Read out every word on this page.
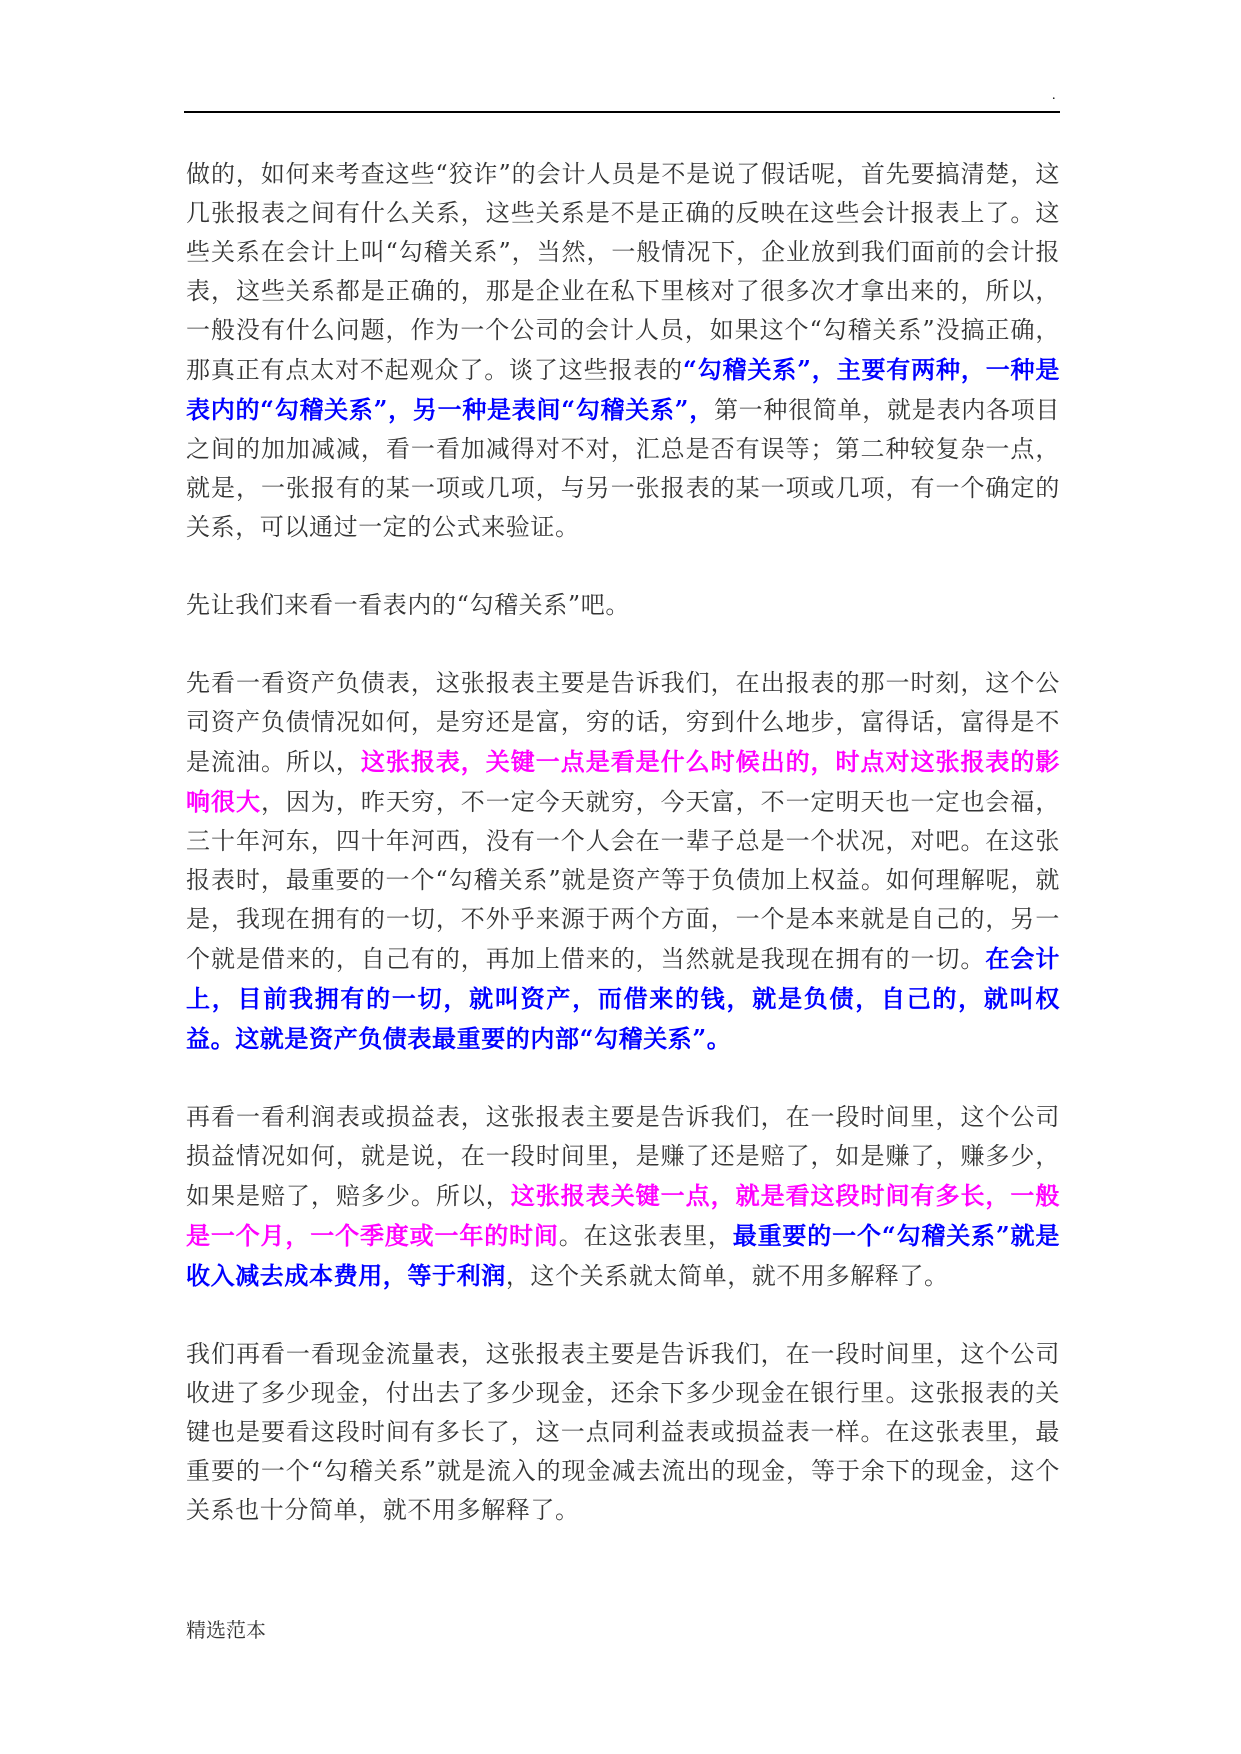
.

做的，如何来考查这些“狡诈”的会计人员是不是说了假话呢，首先要搞清楚，这几张报表之间有什么关系，这些关系是不是正确的反映在这些会计报表上了。这些关系在会计上叫“勾稽关系”，当然，一般情况下，企业放到我们面前的会计报表，这些关系都是正确的，那是企业在私下里核对了很多次才拿出来的，所以，一般没有什么问题，作为一个公司的会计人员，如果这个“勾稽关系”没搞正确，那真正有点太对不起观众了。谈了这些报表的“勾稽关系”，主要有两种，一种是表内的“勾稽关系”，另一种是表间“勾稽关系”，第一种很简单，就是表内各项目之间的加加减减，看一看加减得对不对，汇总是否有误等；第二种较复杂一点，就是，一张报有的某一项或几项，与另一张报表的某一项或几项，有一个确定的关系，可以通过一定的公式来验证。

先让我们来看一看表内的“勾稽关系”吧。

先看一看资产负债表，这张报表主要是告诉我们，在出报表的那一时刻，这个公司资产负债情况如何，是穷还是富，穷的话，穷到什么地步，富得话，富得是不是流油。所以，这张报表，关键一点是看是什么时候出的，时点对这张报表的影响很大，因为，昨天穷，不一定今天就穷，今天富，不一定明天也一定也会福，三十年河东，四十年河西，没有一个人会在一辈子总是一个状况，对吧。在这张报表时，最重要的一个“勾稽关系”就是资产等于负债加上权益。如何理解呢，就是，我现在拥有的一切，不外乎来源于两个方面，一个是本来就是自己的，另一个就是借来的，自己有的，再加上借来的，当然就是我现在拥有的一切。在会计上，目前我拥有的一切，就叫资产，而借来的钱，就是负债，自己的，就叫权益。这就是资产负债表最重要的内部“勾稽关系”。

再看一看利润表或损益表，这张报表主要是告诉我们，在一段时间里，这个公司损益情况如何，就是说，在一段时间里，是赚了还是赔了，如是赚了，赚多少，如果是赔了，赔多少。所以，这张报表关键一点，就是看这段时间有多长，一般是一个月，一个季度或一年的时间。在这张表里，最重要的一个“勾稽关系”就是收入减去成本费用，等于利润，这个关系就太简单，就不用多解释了。

我们再看一看现金流量表，这张报表主要是告诉我们，在一段时间里，这个公司收进了多少现金，付出去了多少现金，还余下多少现金在银行里。这张报表的关键也是要看这段时间有多长了，这一点同利益表或损益表一样。在这张表里，最重要的一个“勾稽关系”就是流入的现金减去流出的现金，等于余下的现金，这个关系也十分简单，就不用多解释了。

精选范本
